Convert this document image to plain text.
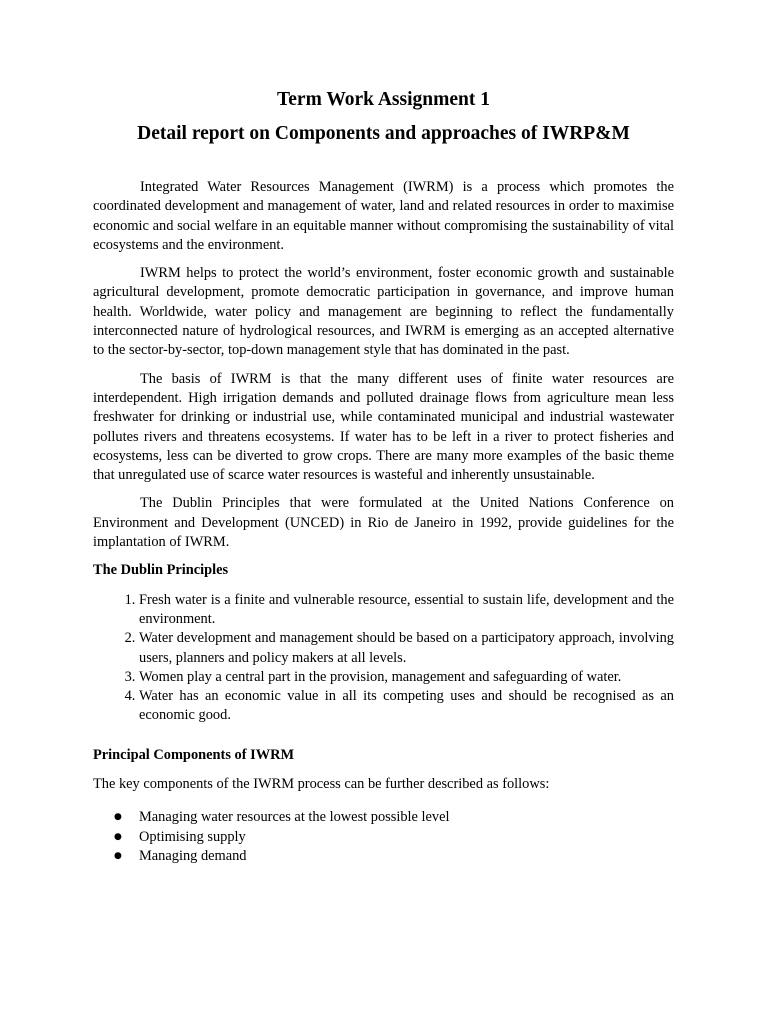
Term Work Assignment 1
Detail report on Components and approaches of IWRP&M

Integrated Water Resources Management (IWRM) is a process which promotes the coordinated development and management of water, land and related resources in order to maximise economic and social welfare in an equitable manner without compromising the sustainability of vital ecosystems and the environment.

IWRM helps to protect the world’s environment, foster economic growth and sustainable agricultural development, promote democratic participation in governance, and improve human health. Worldwide, water policy and management are beginning to reflect the fundamentally interconnected nature of hydrological resources, and IWRM is emerging as an accepted alternative to the sector-by-sector, top-down management style that has dominated in the past.

The basis of IWRM is that the many different uses of finite water resources are interdependent. High irrigation demands and polluted drainage flows from agriculture mean less freshwater for drinking or industrial use, while contaminated municipal and industrial wastewater pollutes rivers and threatens ecosystems. If water has to be left in a river to protect fisheries and ecosystems, less can be diverted to grow crops. There are many more examples of the basic theme that unregulated use of scarce water resources is wasteful and inherently unsustainable.

The Dublin Principles that were formulated at the United Nations Conference on Environment and Development (UNCED) in Rio de Janeiro in 1992, provide guidelines for the implantation of IWRM.

The Dublin Principles
1. Fresh water is a finite and vulnerable resource, essential to sustain life, development and the environment.
2. Water development and management should be based on a participatory approach, involving users, planners and policy makers at all levels.
3. Women play a central part in the provision, management and safeguarding of water.
4. Water has an economic value in all its competing uses and should be recognised as an economic good.
Principal Components of IWRM

The key components of the IWRM process can be further described as follows:

● Managing water resources at the lowest possible level
● Optimising supply
● Managing demand
